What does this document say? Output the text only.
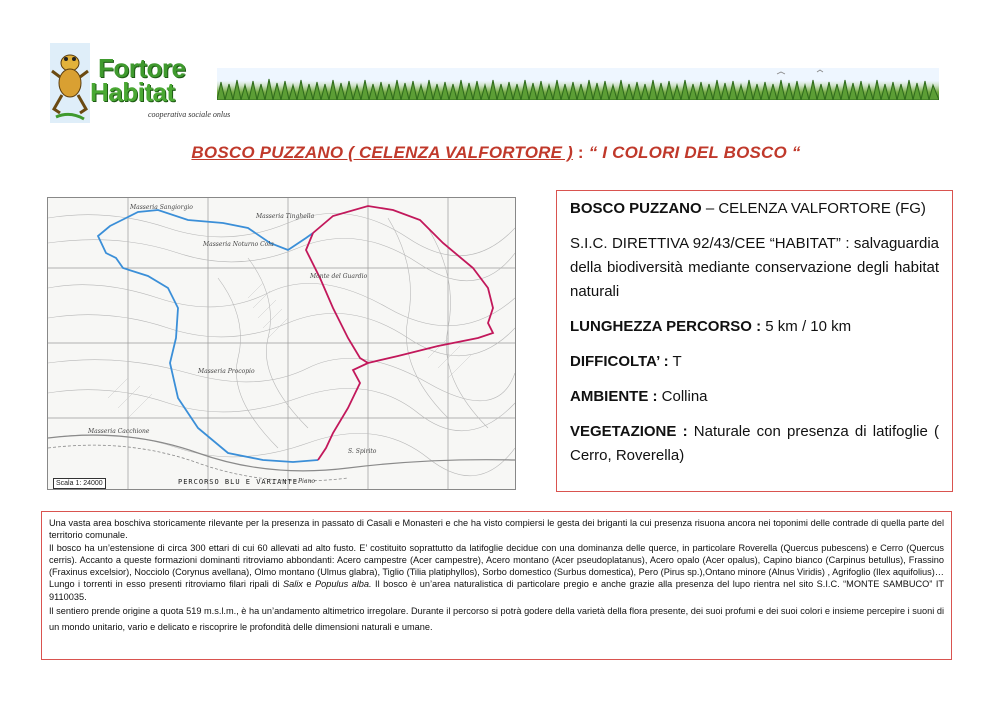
Fortore
Habitat
cooperativa sociale onlus
BOSCO PUZZANO ( CELENZA VALFORTORE ) : “ I COLORI DEL BOSCO “
Masseria Sangiorgio
Masseria Tinghella
Masseria Noturno Cola
Monte del Guardio
Masseria Procopio
Masseria Cacchione
S. Spirito
Piano
Scala 1: 24000	PERCORSO BLU E VARIANTE

BOSCO PUZZANO – CELENZA VALFORTORE (FG)

S.I.C. DIRETTIVA 92/43/CEE “HABITAT” : salvaguardia della biodiversità mediante conservazione degli habitat naturali

LUNGHEZZA PERCORSO : 5 km / 10 km

DIFFICOLTA’ : T

AMBIENTE : Collina

VEGETAZIONE : Naturale con presenza di latifoglie ( Cerro, Roverella)

Una vasta area boschiva storicamente rilevante per la presenza in passato di Casali e Monasteri e che ha visto compiersi le gesta dei briganti la cui presenza risuona ancora nei toponimi delle contrade di quella parte del territorio comunale.

Il bosco ha un’estensione di circa 300 ettari di cui 60 allevati ad alto fusto. E’ costituito soprattutto da latifoglie decidue con una dominanza delle querce, in particolare Roverella (Quercus pubescens) e Cerro (Quercus cerris). Accanto a queste formazioni dominanti ritroviamo abbondanti: Acero campestre (Acer campestre), Acero montano (Acer pseudoplatanus), Acero opalo (Acer opalus), Capino bianco (Carpinus betullus), Frassino (Fraxinus excelsior), Nocciolo (Corynus avellana), Olmo montano (Ulmus glabra), Tiglio (Tilia platiphyllos), Sorbo domestico (Surbus domestica), Pero (Pirus sp.),Ontano minore (Alnus Viridis) , Agrifoglio (Ilex aquifolius)… Lungo i torrenti in esso presenti ritroviamo filari ripali di Salix e Populus alba. Il bosco è un’area naturalistica di particolare pregio e anche grazie alla presenza del lupo rientra nel sito S.I.C. “MONTE SAMBUCO” IT 9110035.

Il sentiero prende origine a quota 519 m.s.l.m., è ha un’andamento altimetrico irregolare. Durante il percorso si potrà godere della varietà della flora presente, dei suoi profumi e dei suoi colori e insieme percepire i suoni di un mondo unitario, vario e delicato e riscoprire le profondità delle dimensioni naturali e umane.
